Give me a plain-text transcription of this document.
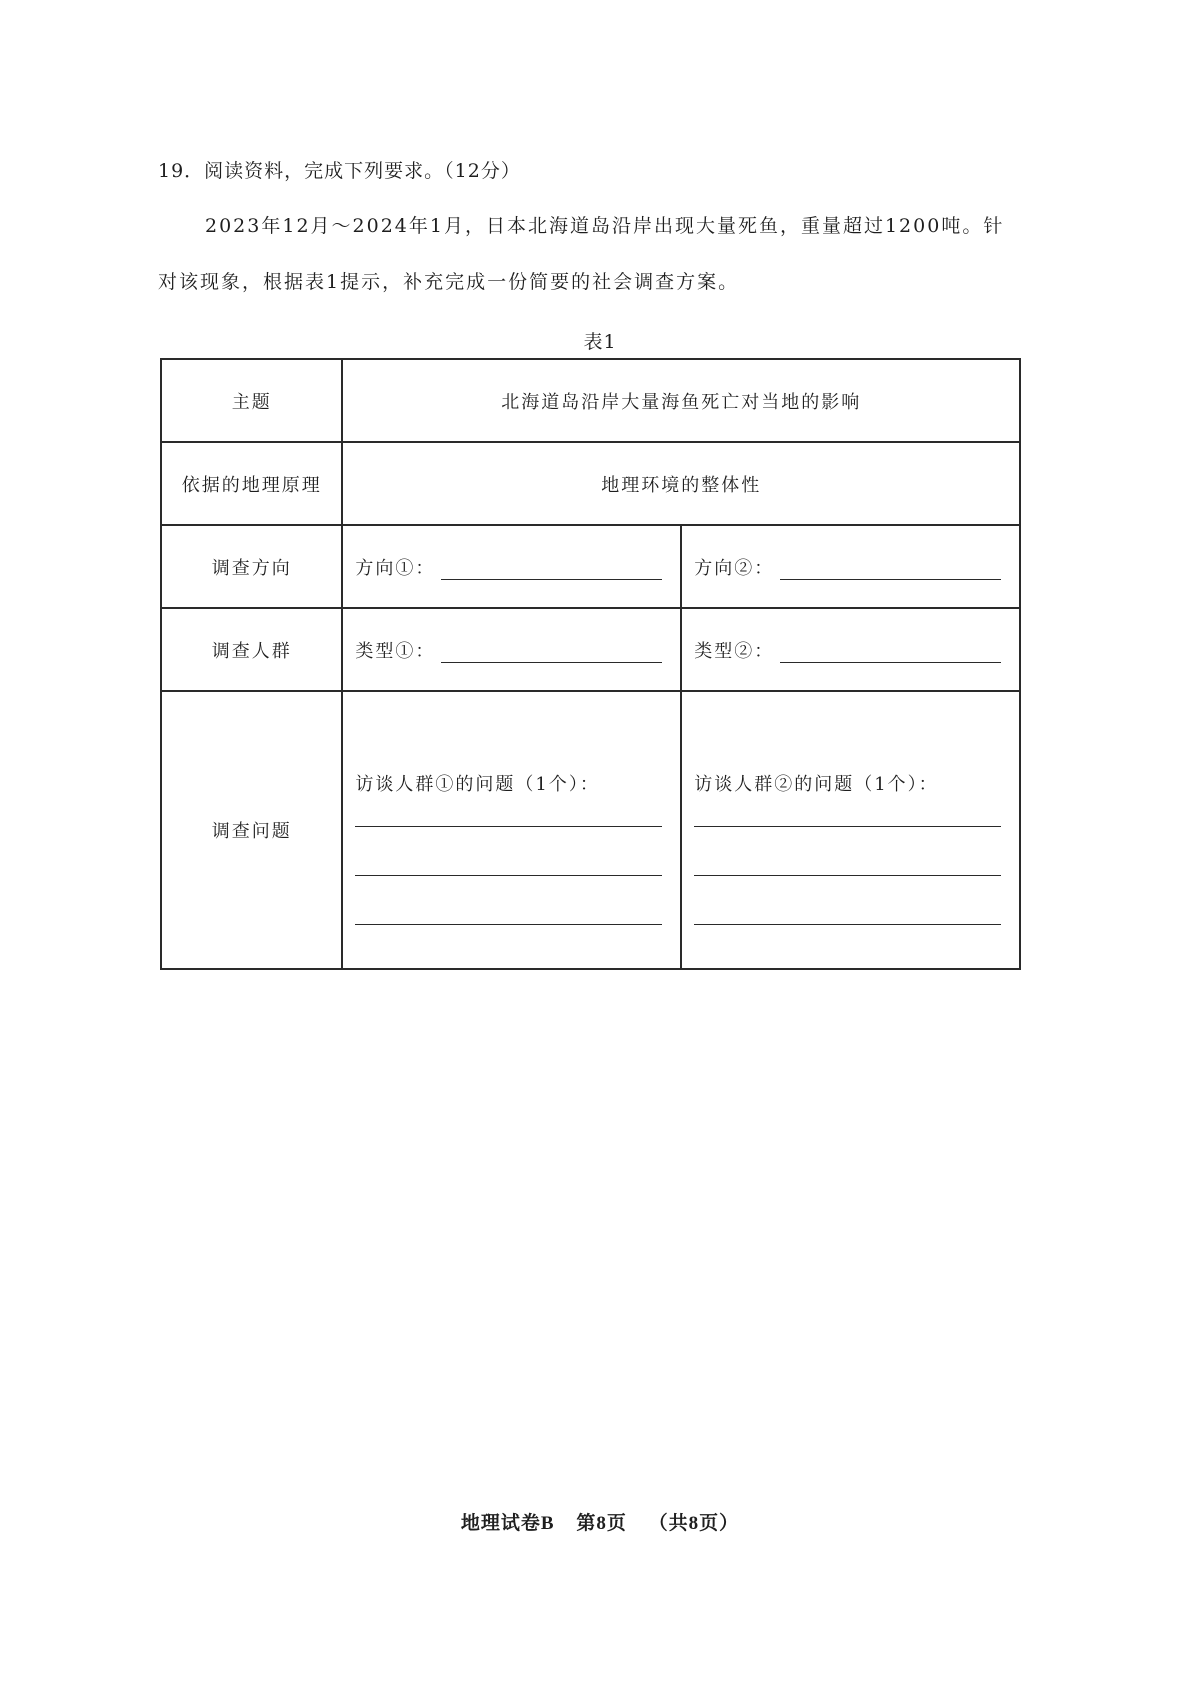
19．阅读资料，完成下列要求。（12分）
2023年12月～2024年1月，日本北海道岛沿岸出现大量死鱼，重量超过1200吨。针对该现象，根据表1提示，补充完成一份简要的社会调查方案。
表1
主题	北海道岛沿岸大量海鱼死亡对当地的影响	
依据的地理原理	地理环境的整体性	
调查方向	方向①：	方向②：

调查人群	类型①：	类型②：

调查问题	访谈人群①的问题（1个）：	访谈人群②的问题（1个）：
地理试卷B 第8页 （共8页）
